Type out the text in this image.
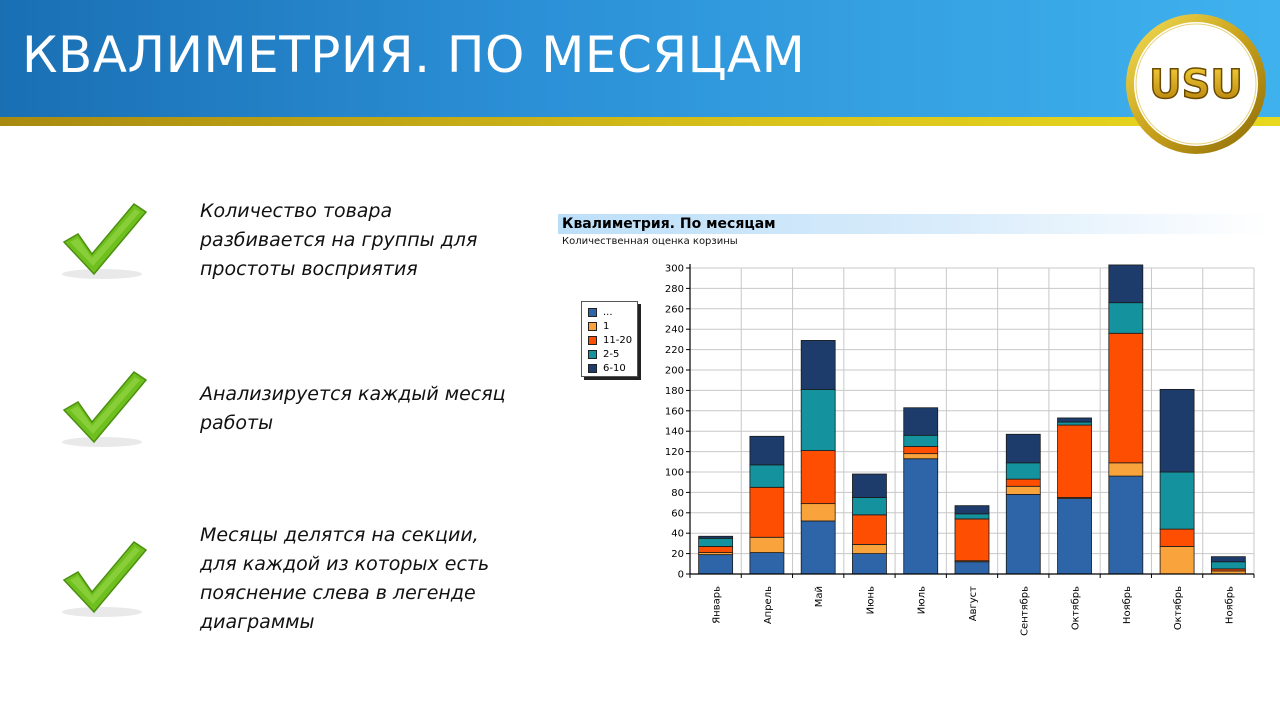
КВАЛИМЕТРИЯ. ПО МЕСЯЦАМ
USU
Количество товара разбивается на группы для простоты восприятия
Анализируется каждый месяц работы
Месяцы делятся на секции, для каждой из которых есть пояснение слева в легенде диаграммы
Квалиметрия. По месяцам
Количественная оценка корзины
0
20
40
60
80
100
120
140
160
180
200
220
240
260
280
300
Январь	Апрель	Май	Июнь	Июль	Август	Сентябрь	Октябрь	Ноябрь	Октябрь	Ноябрь
...
1
11-20
2-5
6-10
